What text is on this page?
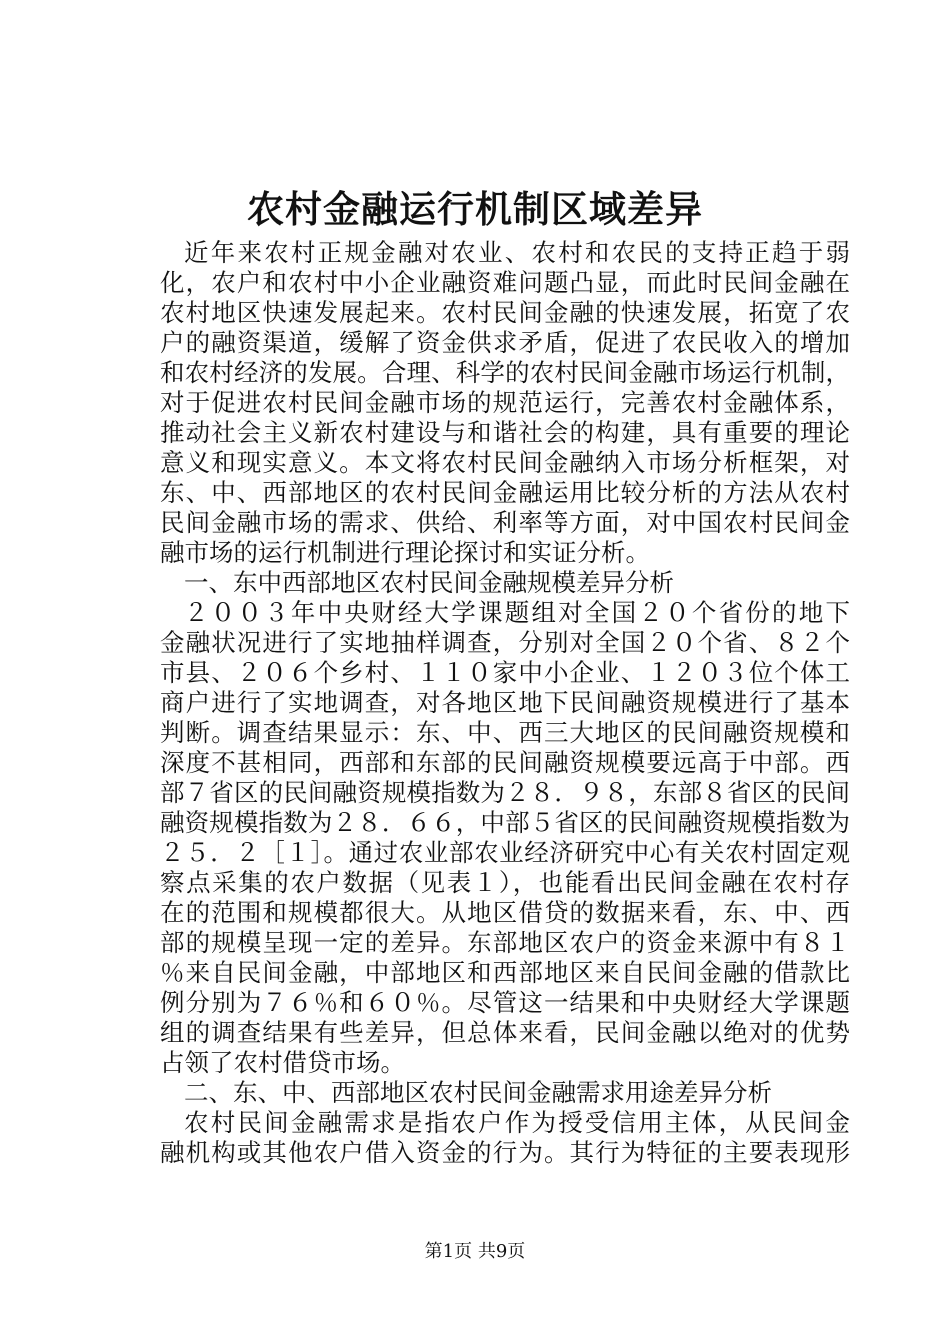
农村金融运行机制区域差异
近年来农村正规金融对农业、农村和农民的支持正趋于弱
化，农户和农村中小企业融资难问题凸显，而此时民间金融在
农村地区快速发展起来。农村民间金融的快速发展，拓宽了农
户的融资渠道，缓解了资金供求矛盾，促进了农民收入的增加
和农村经济的发展。合理、科学的农村民间金融市场运行机制，
对于促进农村民间金融市场的规范运行，完善农村金融体系，
推动社会主义新农村建设与和谐社会的构建，具有重要的理论
意义和现实意义。本文将农村民间金融纳入市场分析框架，对
东、中、西部地区的农村民间金融运用比较分析的方法从农村
民间金融市场的需求、供给、利率等方面，对中国农村民间金
融市场的运行机制进行理论探讨和实证分析。
一、东中西部地区农村民间金融规模差异分析
２００３年中央财经大学课题组对全国２０个省份的地下
金融状况进行了实地抽样调查，分别对全国２０个省、８２个
市县、２０６个乡村、１１０家中小企业、１２０３位个体工
商户进行了实地调查，对各地区地下民间融资规模进行了基本
判断。调查结果显示：东、中、西三大地区的民间融资规模和
深度不甚相同，西部和东部的民间融资规模要远高于中部。西
部７省区的民间融资规模指数为２８．９８，东部８省区的民间
融资规模指数为２８．６６，中部５省区的民间融资规模指数为
２５．２［１］。通过农业部农业经济研究中心有关农村固定观
察点采集的农户数据（见表１），也能看出民间金融在农村存
在的范围和规模都很大。从地区借贷的数据来看，东、中、西
部的规模呈现一定的差异。东部地区农户的资金来源中有８１
％来自民间金融，中部地区和西部地区来自民间金融的借款比
例分别为７６％和６０％。尽管这一结果和中央财经大学课题
组的调查结果有些差异，但总体来看，民间金融以绝对的优势
占领了农村借贷市场。
二、东、中、西部地区农村民间金融需求用途差异分析
农村民间金融需求是指农户作为授受信用主体，从民间金
融机构或其他农户借入资金的行为。其行为特征的主要表现形
第1页 共9页
